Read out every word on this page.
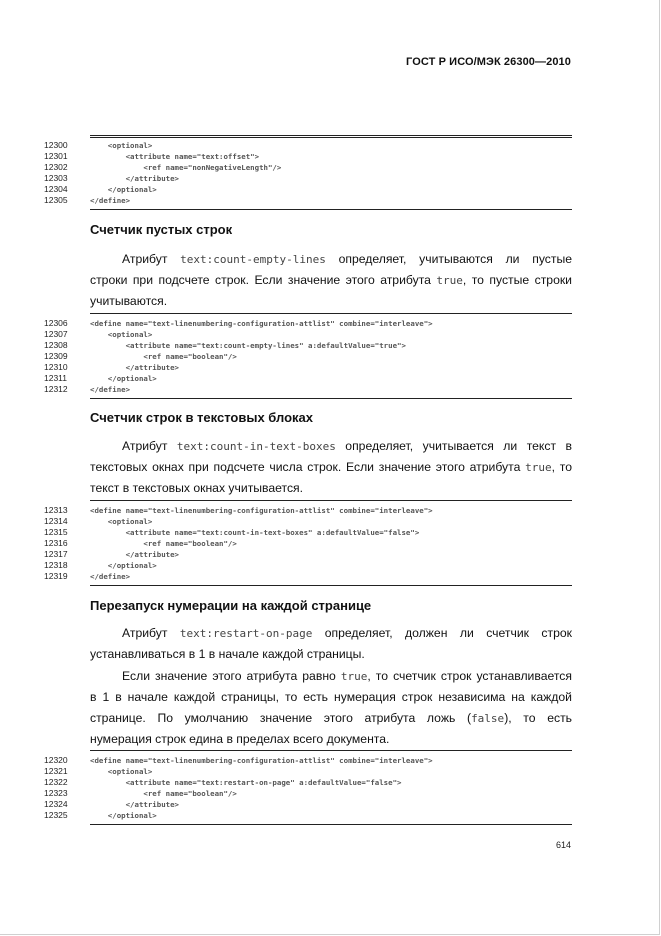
ГОСТ Р ИСО/МЭК 26300—2010
12300	<optional>
12301	<attribute name="text:offset">
12302	<ref name="nonNegativeLength"/>
12303	</attribute>
12304	</optional>
12305	</define>
Счетчик пустых строк
Атрибут text:count-empty-lines определяет, учитываются ли пустые
строки при подсчете строк. Если значение этого атрибута true, то пустые строки
учитываются.
12306	<define name="text-linenumbering-configuration-attlist" combine="interleave">
12307	<optional>
12308	<attribute name="text:count-empty-lines" a:defaultValue="true">
12309	<ref name="boolean"/>
12310	</attribute>
12311	</optional>
12312	</define>
Счетчик строк в текстовых блоках
Атрибут text:count-in-text-boxes определяет, учитывается ли текст в
текстовых окнах при подсчете числа строк. Если значение этого атрибута true, то
текст в текстовых окнах учитывается.
12313	<define name="text-linenumbering-configuration-attlist" combine="interleave">
12314	<optional>
12315	<attribute name="text:count-in-text-boxes" a:defaultValue="false">
12316	<ref name="boolean"/>
12317	</attribute>
12318	</optional>
12319	</define>
Перезапуск нумерации на каждой странице
Атрибут text:restart-on-page определяет, должен ли счетчик строк
устанавливаться в 1 в начале каждой страницы.
Если значение этого атрибута равно true, то счетчик строк устанавливается
в 1 в начале каждой страницы, то есть нумерация строк независима на каждой
странице. По умолчанию значение этого атрибута ложь (false), то есть
нумерация строк едина в пределах всего документа.
12320	<define name="text-linenumbering-configuration-attlist" combine="interleave">
12321	<optional>
12322	<attribute name="text:restart-on-page" a:defaultValue="false">
12323	<ref name="boolean"/>
12324	</attribute>
12325	</optional>
614
